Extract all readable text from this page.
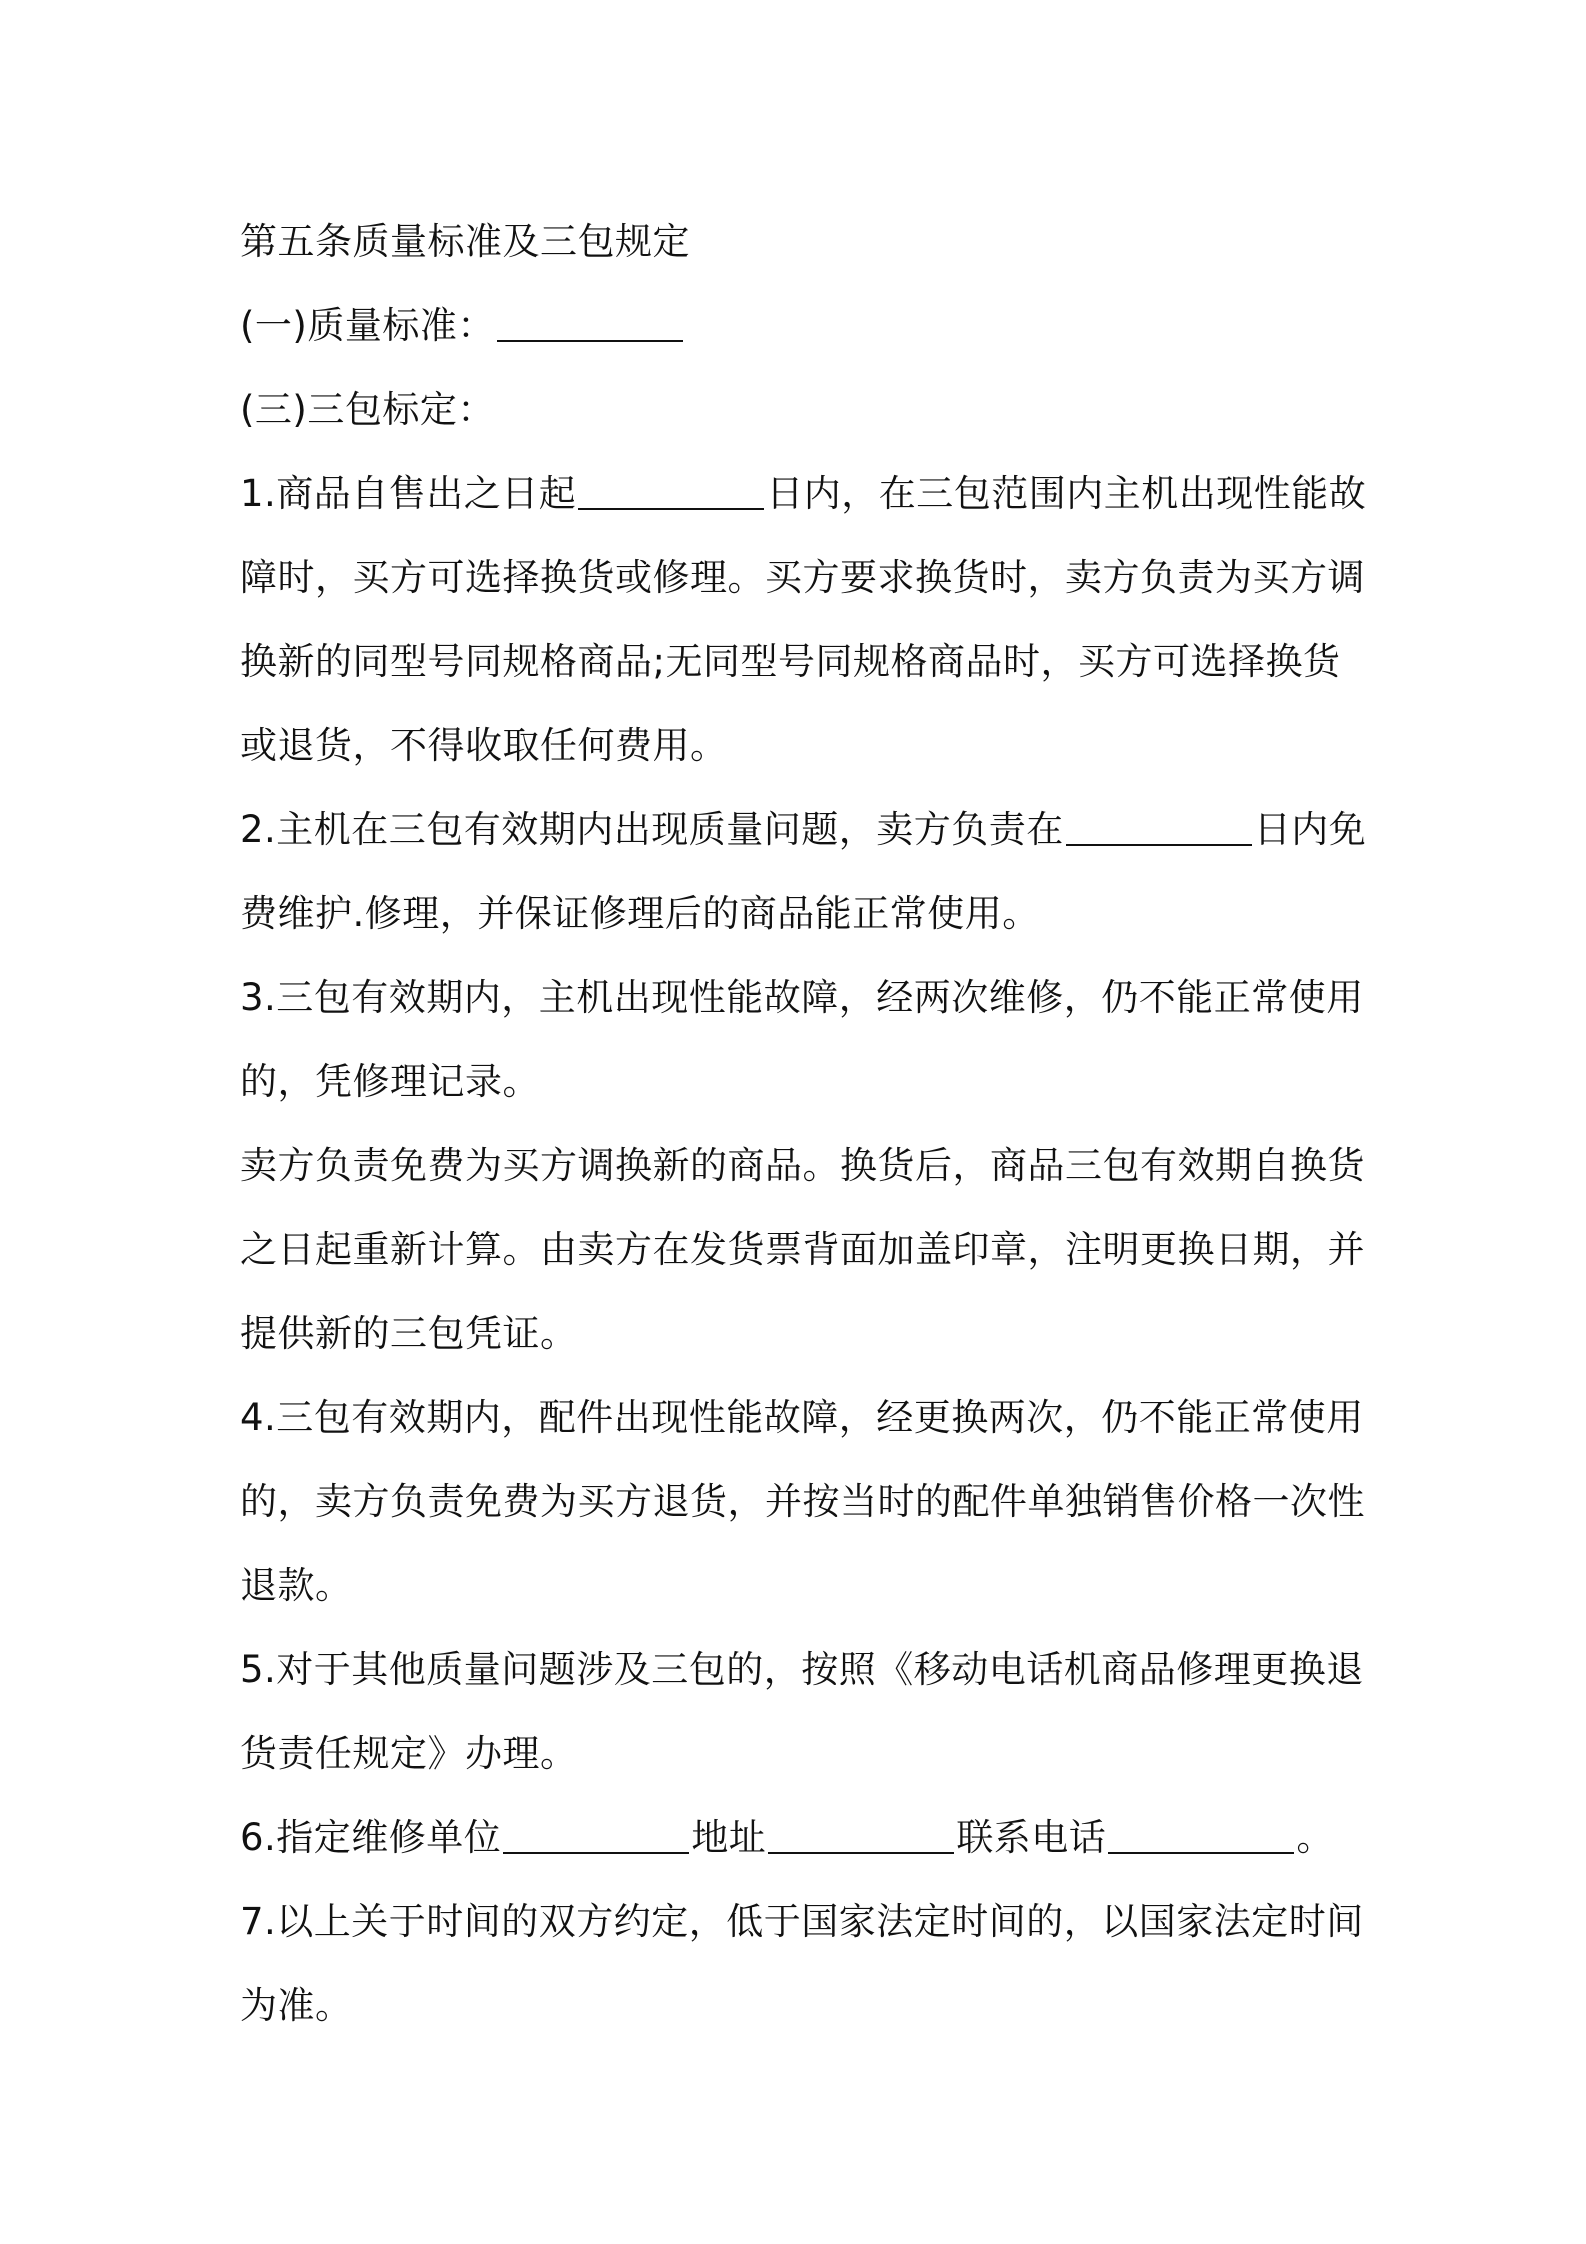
第五条质量标准及三包规定
(一)质量标准：
(三)三包标定：
1.商品自售出之日起	日内，在三包范围内主机出现性能故
障时，买方可选择换货或修理。买方要求换货时，卖方负责为买方调
换新的同型号同规格商品;无同型号同规格商品时，买方可选择换货
或退货，不得收取任何费用。
2.主机在三包有效期内出现质量问题，卖方负责在	日内免
费维护.修理，并保证修理后的商品能正常使用。
3.三包有效期内，主机出现性能故障，经两次维修，仍不能正常使用
的，凭修理记录。
卖方负责免费为买方调换新的商品。换货后，商品三包有效期自换货
之日起重新计算。由卖方在发货票背面加盖印章，注明更换日期，并
提供新的三包凭证。
4.三包有效期内，配件出现性能故障，经更换两次，仍不能正常使用
的，卖方负责免费为买方退货，并按当时的配件单独销售价格一次性
退款。
5.对于其他质量问题涉及三包的，按照《移动电话机商品修理更换退
货责任规定》办理。
6.指定维修单位	地址	联系电话	。
7.以上关于时间的双方约定，低于国家法定时间的，以国家法定时间
为准。
